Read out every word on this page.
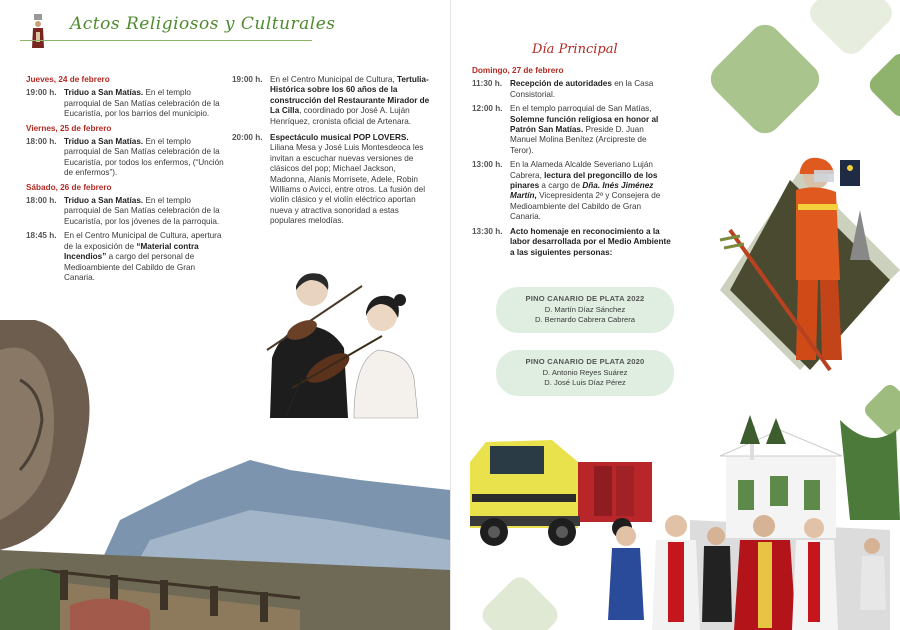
Actos Religiosos y Culturales
Jueves, 24 de febrero
19:00 h. Triduo a San Matías. En el templo parroquial de San Matías celebración de la Eucaristía, por los barrios del municipio.
Viernes, 25 de febrero
18:00 h. Triduo a San Matías. En el templo parroquial de San Matías celebración de la Eucaristía, por todos los enfermos, (“Unción de enfermos”).
Sábado, 26 de febrero
18:00 h. Triduo a San Matías. En el templo parroquial de San Matías celebración de la Eucaristía, por los jóvenes de la parroquia.
18:45 h. En el Centro Municipal de Cultura, apertura de la exposición de “Material contra Incendios” a cargo del personal de Medioambiente del Cabildo de Gran Canaria.
19:00 h. En el Centro Municipal de Cultura, Tertulia-Histórica sobre los 60 años de la construcción del Restaurante Mirador de La Cilla, coordinado por José A. Luján Henríquez, cronista oficial de Artenara.
20:00 h. Espectáculo musical POP LOVERS. Liliana Mesa y José Luis Montesdeoca les invitan a escuchar nuevas versiones de clásicos del pop; Michael Jackson, Madonna, Alanis Morrisete, Adele, Robin Williams o Avicci, entre otros. La fusión del violín clásico y el violín eléctrico aportan nueva y atractiva sonoridad a estas populares melodías.
Día Principal
Domingo, 27 de febrero
11:30 h. Recepción de autoridades en la Casa Consistorial.
12:00 h. En el templo parroquial de San Matías, Solemne función religiosa en honor al Patrón San Matías. Preside D. Juan Manuel Molina Benítez (Arcipreste de Teror).
13:00 h. En la Alameda Alcalde Severiano Luján Cabrera, lectura del pregoncillo de los pinares a cargo de Dña. Inés Jiménez Martín, Vicepresidenta 2ª y Consejera de Medioambiente del Cabildo de Gran Canaria.
13:30 h. Acto homenaje en reconocimiento a la labor desarrollada por el Medio Ambiente a las siguientes personas:
PINO CANARIO DE PLATA 2022
D. Martín Díaz Sánchez
D. Bernardo Cabrera Cabrera
PINO CANARIO DE PLATA 2020
D. Antonio Reyes Suárez
D. José Luis Díaz Pérez
